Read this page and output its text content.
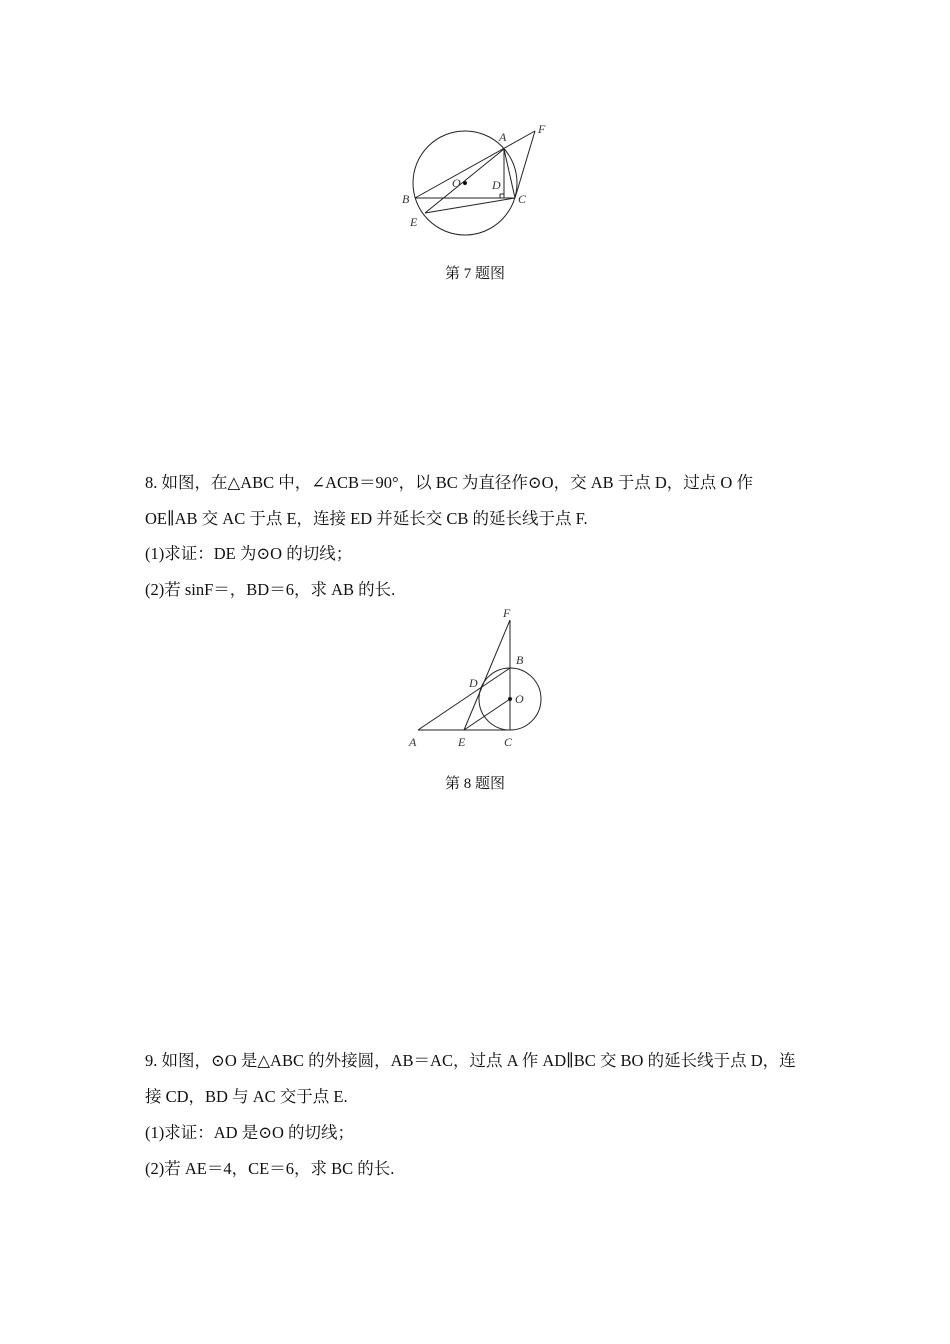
A
F
O	D
B	C
E
第 7 题图
8. 如图，在△ABC 中，∠ACB＝90°，以 BC 为直径作⊙O，交 AB 于点 D，过点 O 作
OE∥AB 交 AC 于点 E，连接 ED 并延长交 CB 的延长线于点 F.
(1)求证：DE 为⊙O 的切线；
(2)若 sinF＝，BD＝6，求 AB 的长.
F
B
D
O
A	E	C
第 8 题图
9. 如图，⊙O 是△ABC 的外接圆，AB＝AC，过点 A 作 AD∥BC 交 BO 的延长线于点 D，连
接 CD，BD 与 AC 交于点 E.
(1)求证：AD 是⊙O 的切线；
(2)若 AE＝4，CE＝6，求 BC 的长.
